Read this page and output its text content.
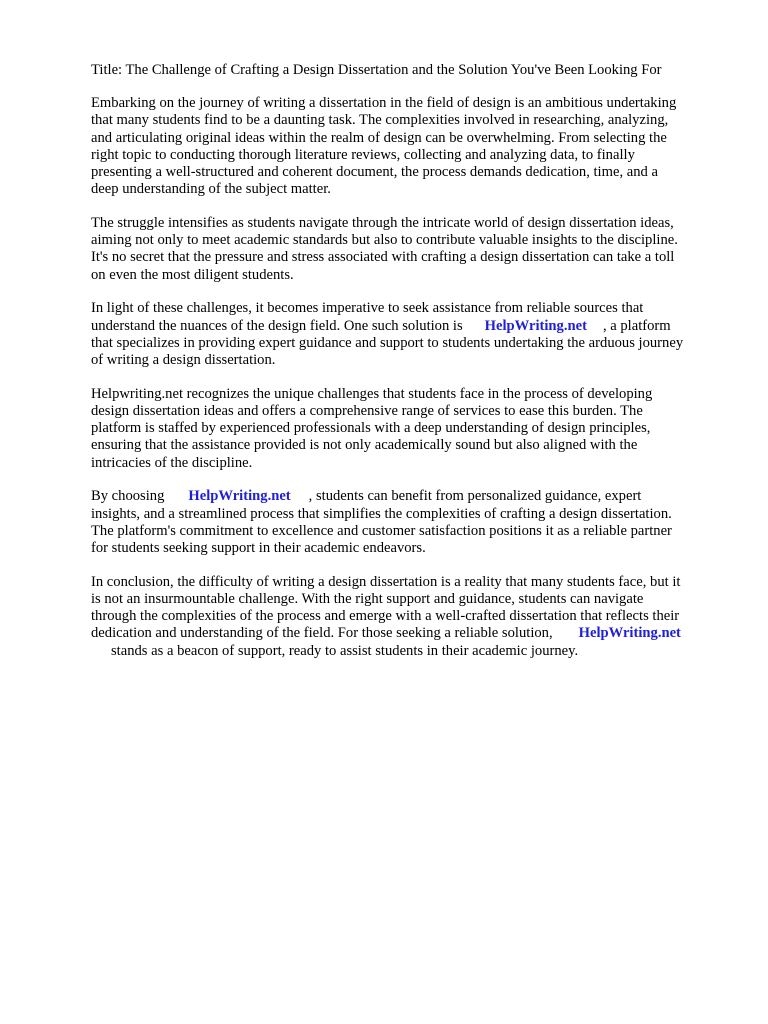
Title: The Challenge of Crafting a Design Dissertation and the Solution You've Been Looking For

Embarking on the journey of writing a dissertation in the field of design is an ambitious undertaking
that many students find to be a daunting task. The complexities involved in researching, analyzing,
and articulating original ideas within the realm of design can be overwhelming. From selecting the
right topic to conducting thorough literature reviews, collecting and analyzing data, to finally
presenting a well-structured and coherent document, the process demands dedication, time, and a
deep understanding of the subject matter.

The struggle intensifies as students navigate through the intricate world of design dissertation ideas,
aiming not only to meet academic standards but also to contribute valuable insights to the discipline.
It's no secret that the pressure and stress associated with crafting a design dissertation can take a toll
on even the most diligent students.

In light of these challenges, it becomes imperative to seek assistance from reliable sources that
understand the nuances of the design field. One such solution is HelpWriting.net , a platform
that specializes in providing expert guidance and support to students undertaking the arduous journey
of writing a design dissertation.

Helpwriting.net recognizes the unique challenges that students face in the process of developing
design dissertation ideas and offers a comprehensive range of services to ease this burden. The
platform is staffed by experienced professionals with a deep understanding of design principles,
ensuring that the assistance provided is not only academically sound but also aligned with the
intricacies of the discipline.

By choosing HelpWriting.net , students can benefit from personalized guidance, expert
insights, and a streamlined process that simplifies the complexities of crafting a design dissertation.
The platform's commitment to excellence and customer satisfaction positions it as a reliable partner
for students seeking support in their academic endeavors.

In conclusion, the difficulty of writing a design dissertation is a reality that many students face, but it
is not an insurmountable challenge. With the right support and guidance, students can navigate
through the complexities of the process and emerge with a well-crafted dissertation that reflects their
dedication and understanding of the field. For those seeking a reliable solution, HelpWriting.net
stands as a beacon of support, ready to assist students in their academic journey.
